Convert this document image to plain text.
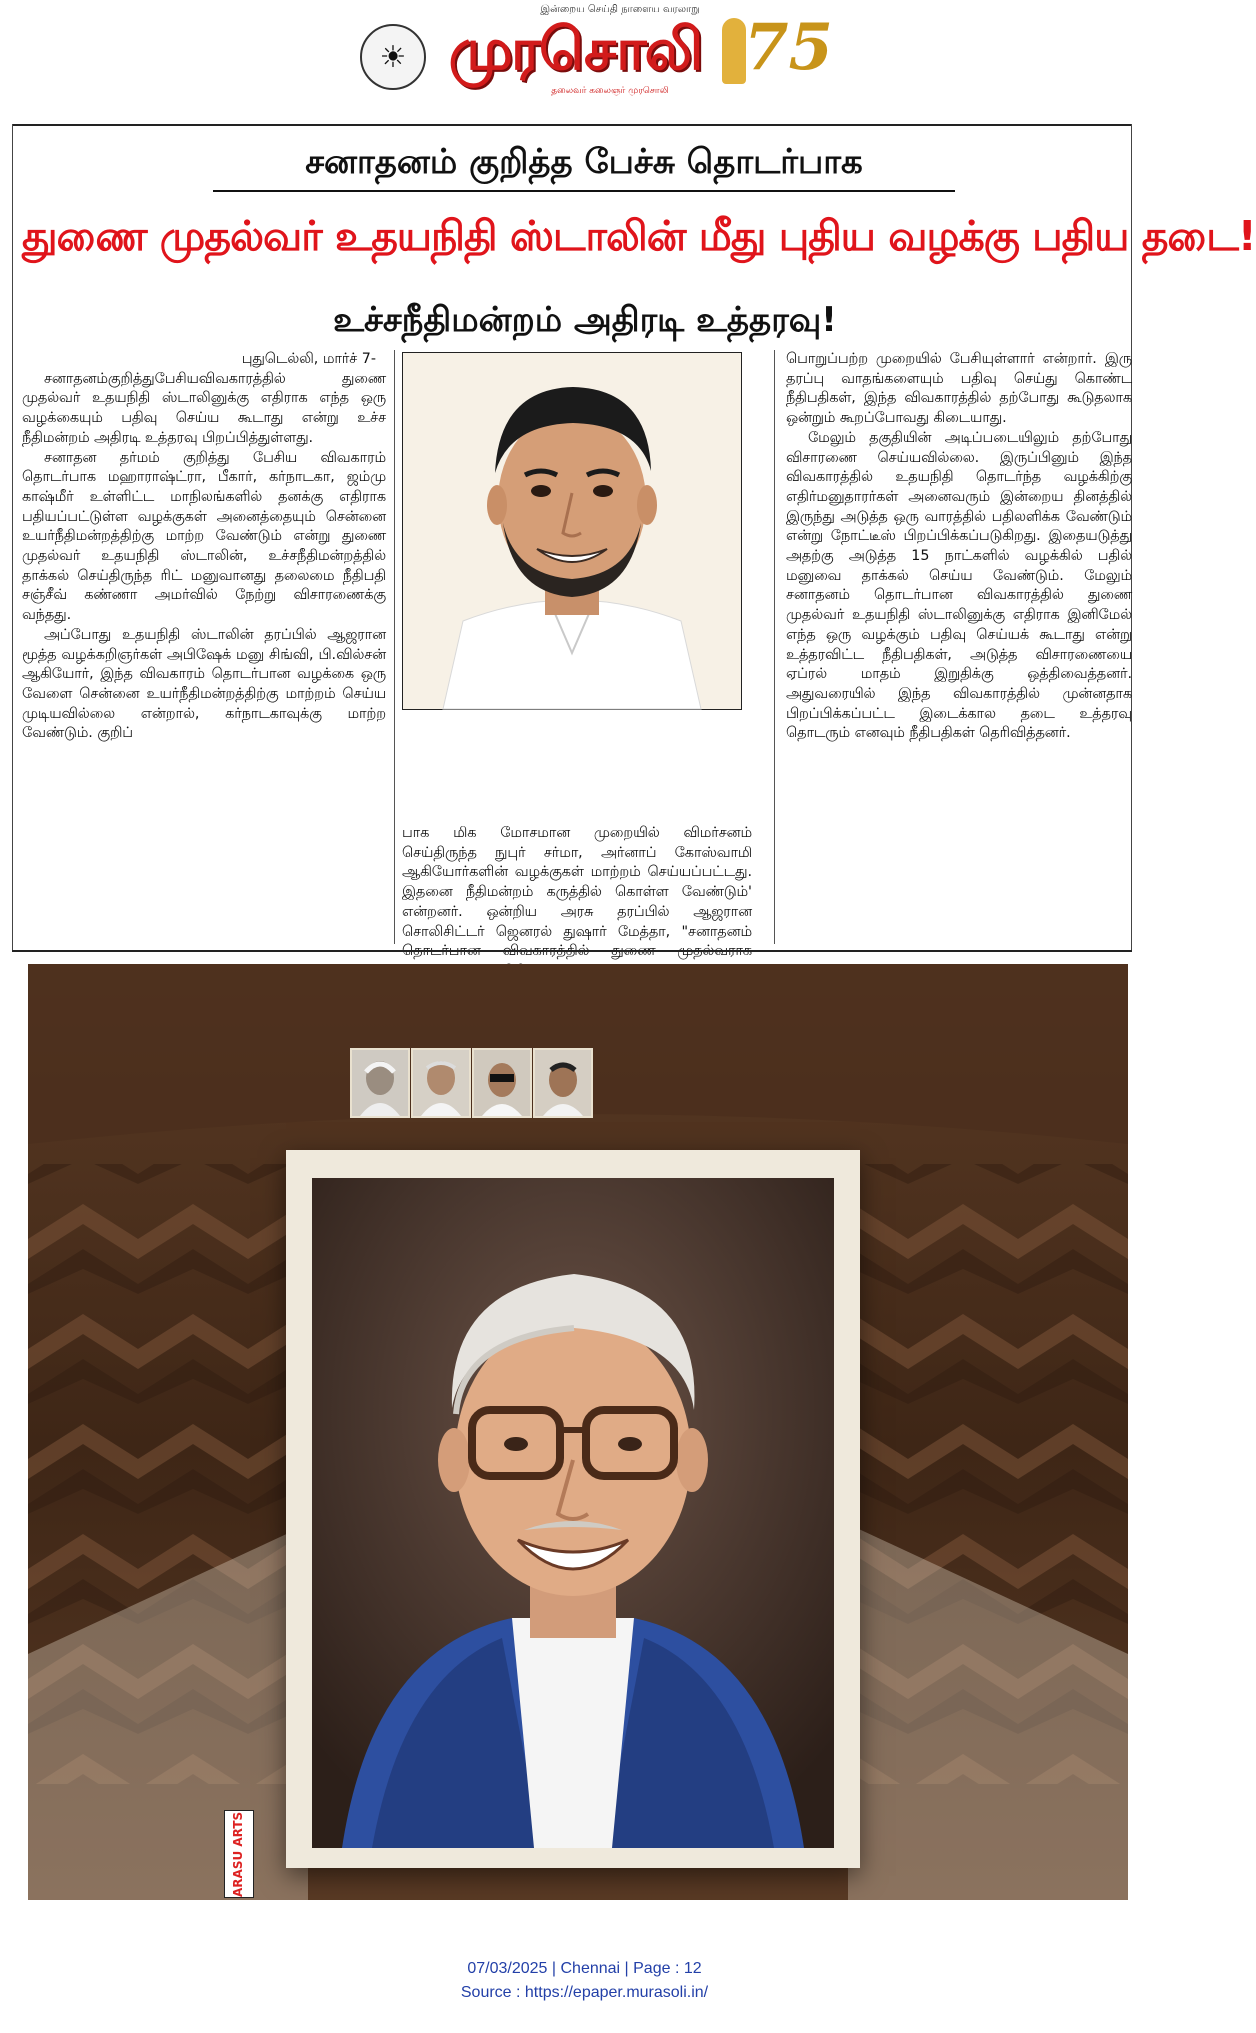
இன்றைய செய்தி நாளைய வரலாறு
☀ முரசொலி
தலைவர் கலைஞர் முரசொலி
75
சனாதனம் குறித்த பேச்சு தொடர்பாக
துணை முதல்வர் உதயநிதி ஸ்டாலின் மீது புதிய வழக்கு பதிய தடை!
உச்சநீதிமன்றம் அதிரடி உத்தரவு!

புதுடெல்லி, மார்ச் 7-

சனாதனம்குறித்துபேசியவிவகாரத்தில் துணை முதல்வர் உதயநிதி ஸ்டாலினுக்கு எதிராக எந்த ஒரு வழக்கையும் பதிவு செய்ய கூடாது என்று உச்ச நீதிமன்றம் அதிரடி உத்தரவு பிறப்பித்துள்ளது.

சனாதன தர்மம் குறித்து பேசிய விவகாரம் தொடர்பாக மஹாராஷ்ட்ரா, பீகார், கர்நாடகா, ஜம்மு காஷ்மீர் உள்ளிட்ட மாநிலங்களில் தனக்கு எதிராக பதியப்பட்டுள்ள வழக்குகள் அனைத்தையும் சென்னை உயர்நீதிமன்றத்திற்கு மாற்ற வேண்டும் என்று துணை முதல்வர் உதயநிதி ஸ்டாலின், உச்சநீதிமன்றத்தில் தாக்கல் செய்திருந்த ரிட் மனுவானது தலைமை நீதிபதி சஞ்சீவ் கண்ணா அமர்வில் நேற்று விசாரணைக்கு வந்தது.

அப்போது உதயநிதி ஸ்டாலின் தரப்பில் ஆஜரான மூத்த வழக்கறிஞர்கள் அபிஷேக் மனு சிங்வி, பி.வில்சன் ஆகியோர், இந்த விவகாரம் தொடர்பான வழக்கை ஒரு வேளை சென்னை உயர்நீதிமன்றத்திற்கு மாற்றம் செய்ய முடியவில்லை என்றால், கர்நாடகாவுக்கு மாற்ற வேண்டும். குறிப்

பாக மிக மோசமான முறையில் விமர்சனம் செய்திருந்த நுபுர் சர்மா, அர்னாப் கோஸ்வாமி ஆகியோர்களின் வழக்குகள் மாற்றம் செய்யப்பட்டது. இதனை நீதிமன்றம் கருத்தில் கொள்ள வேண்டும்' என்றனர். ஒன்றிய அரசு தரப்பில் ஆஜரான சொலிசிட்டர் ஜெனரல் துஷார் மேத்தா, "சனாதனம்

பொறுப்பற்ற முறையில் பேசியுள்ளார் என்றார். இரு தரப்பு வாதங்களையும் பதிவு செய்து கொண்ட நீதிபதிகள், இந்த விவகாரத்தில் தற்போது கூடுதலாக ஒன்றும் கூறப்போவது கிடையாது.

மேலும் தகுதியின் அடிப்படையிலும் தற்போது விசாரணை செய்யவில்லை. இருப்பினும் இந்த விவகாரத்தில் உதயநிதி தொடர்ந்த வழக்கிற்கு எதிர்மனுதாரர்கள் அனைவரும் இன்றைய தினத்தில் இருந்து அடுத்த ஒரு வாரத்தில் பதிலளிக்க வேண்டும் என்று நோட்டீஸ் பிறப்பிக்கப்படுகிறது. இதையடுத்து அதற்கு அடுத்த 15 நாட்களில் வழக்கில் பதில் மனுவை தாக்கல் செய்ய வேண்டும். மேலும் சனாதனம் தொடர்பான விவகாரத்தில் துணை முதல்வர் உதயநிதி ஸ்டாலினுக்கு எதிராக இனிமேல் எந்த ஒரு வழக்கும் பதிவு செய்யக் கூடாது என்று உத்தரவிட்ட நீதிபதிகள், அடுத்த விசாரணையை ஏப்ரல் மாதம் இறுதிக்கு ஒத்திவைத்தனர். அதுவரையில் இந்த விவகாரத்தில் முன்னதாக பிறப்பிக்கப்பட்ட இடைக்கால தடை உத்தரவு தொடரும் எனவும் நீதிபதிகள் தெரிவித்தனர்.

ARASU ARTS
07/03/2025 | Chennai | Page : 12
Source : https://epaper.murasoli.in/
